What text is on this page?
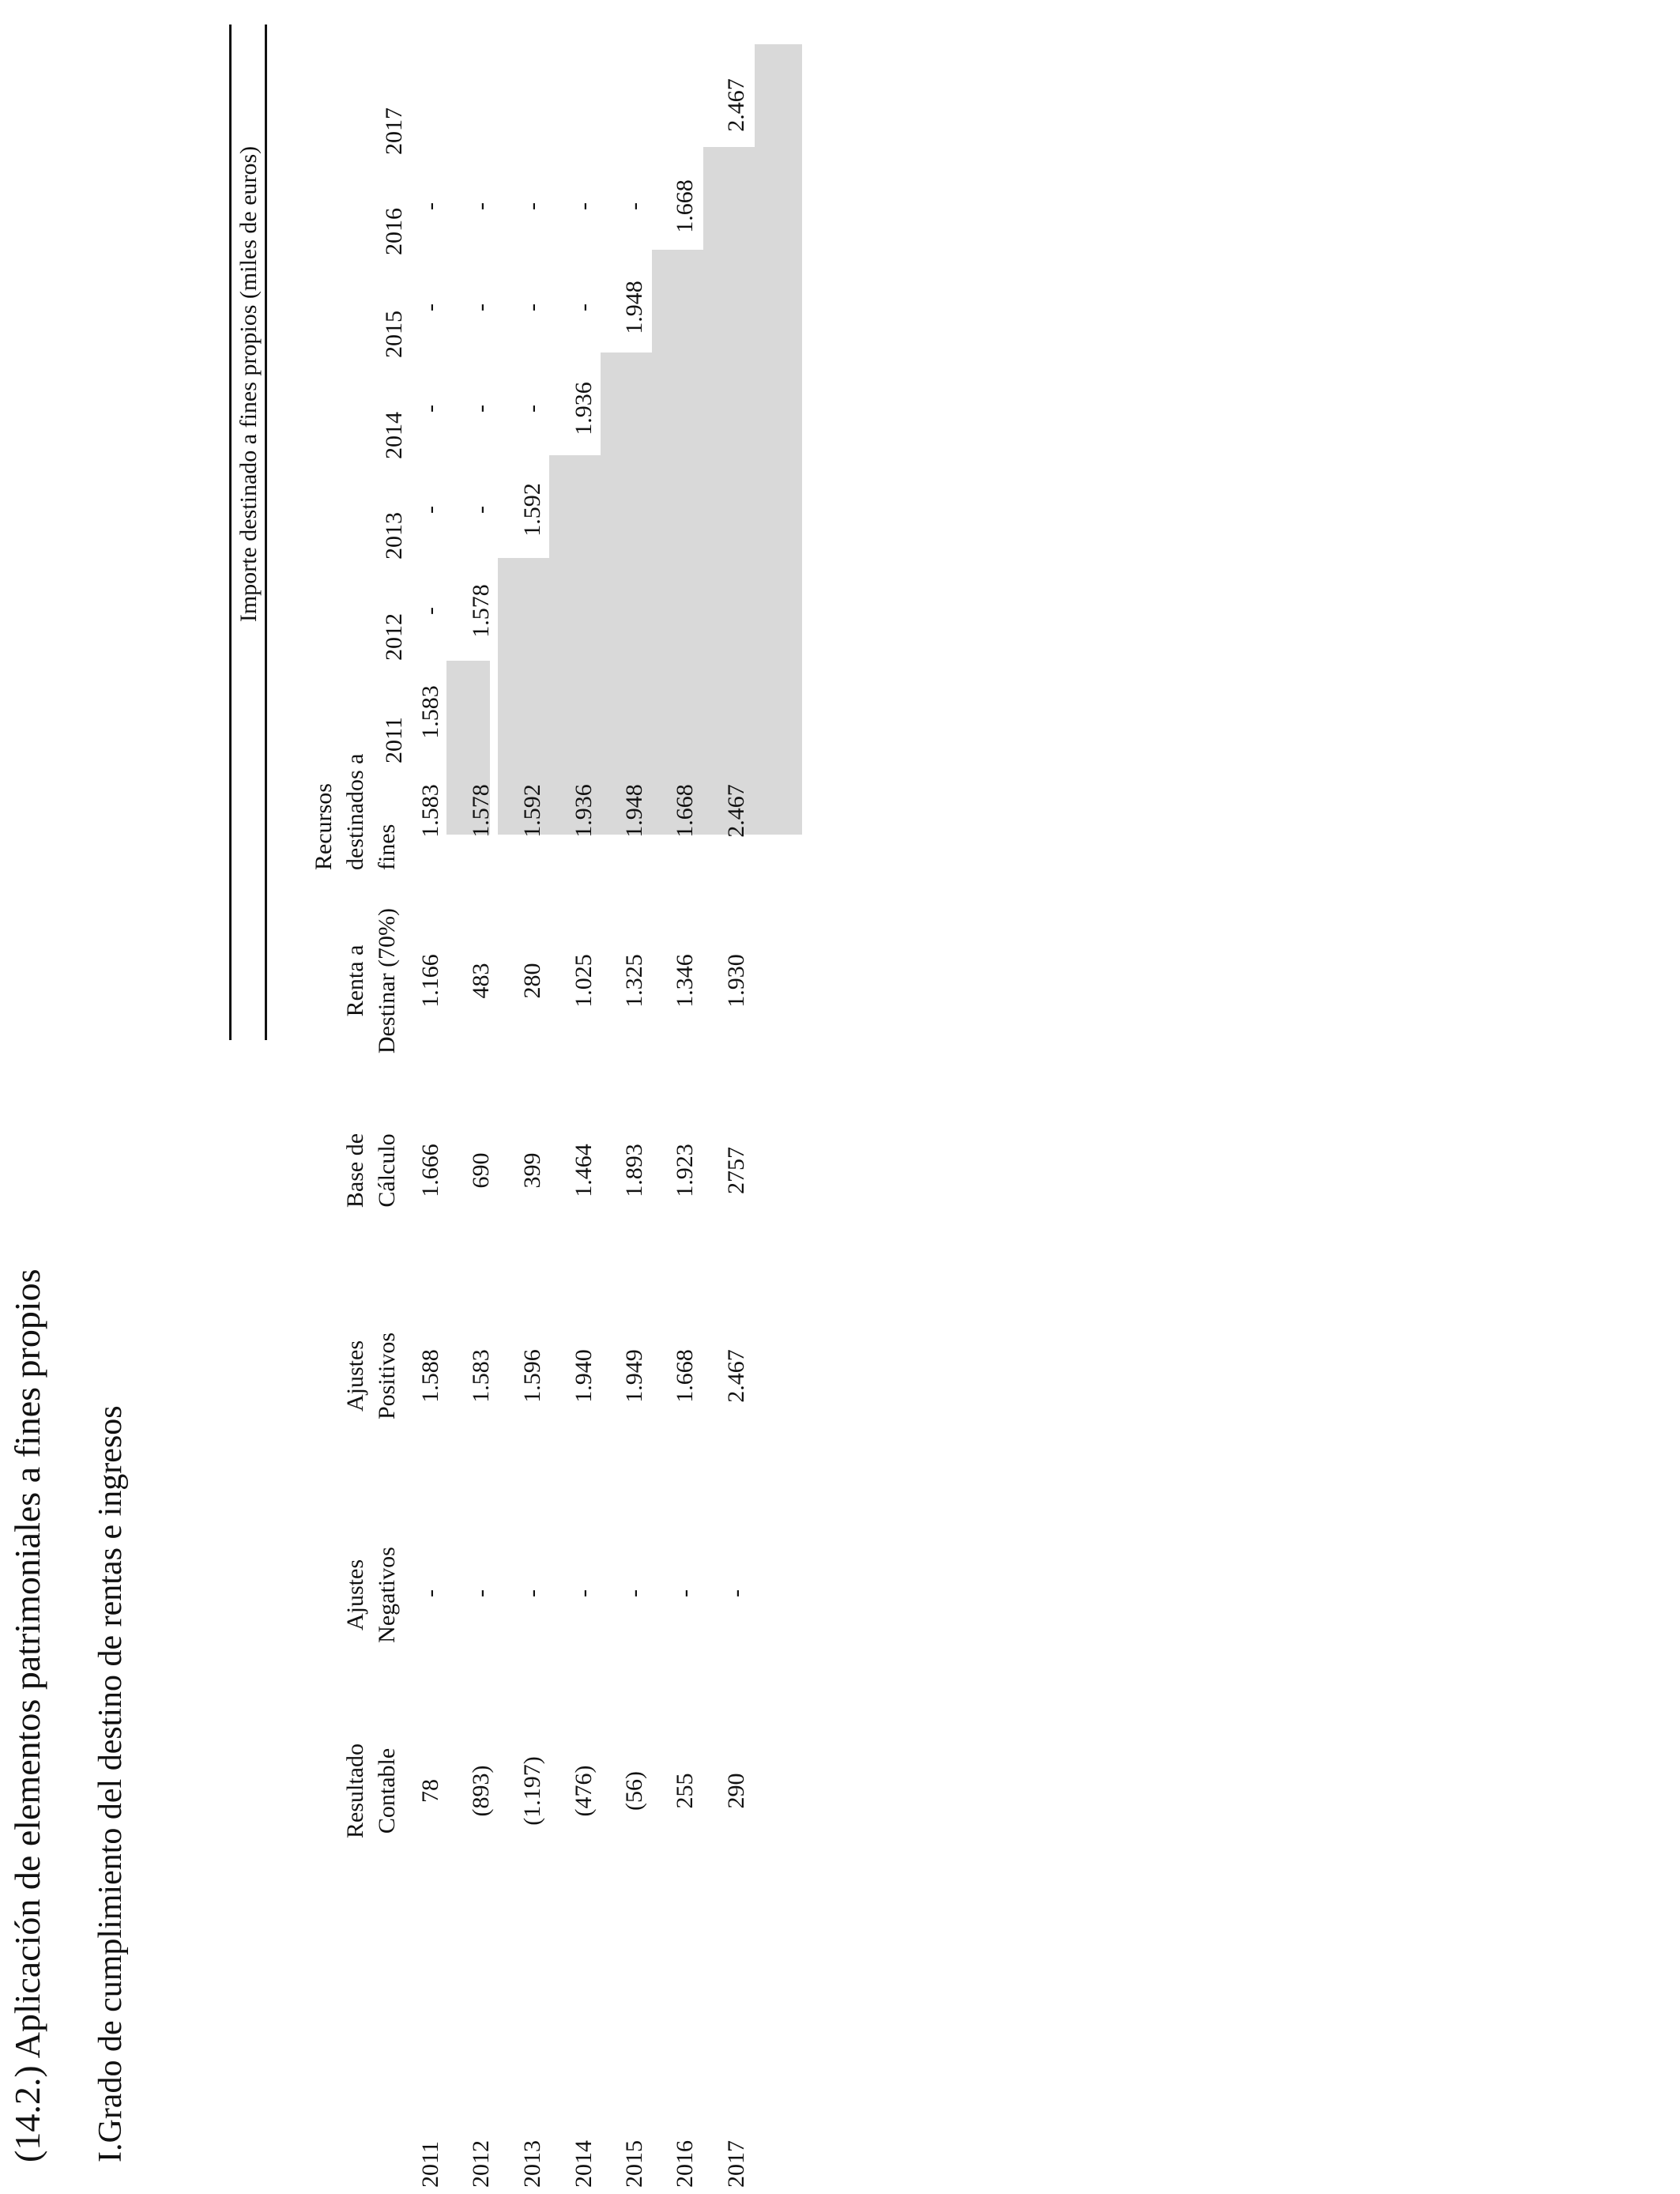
(14.2.) Aplicación de elementos patrimoniales a fines propios I.Grado de cumplimiento del destino de rentas e ingresos
Importe destinado a fines propios (miles de euros)
Resultado Contable
Ajustes Negativos
Ajustes Positivos
Base de Cálculo
Renta a Destinar (70%)
Recursos destinados a fines
2011
2012
2013
2014
2015
2016
2017
2011
78
-
1.588
1.666
1.166
1.583
1.583
-
-
-
-
-
2012
(893)
-
1.583
690
483
1.578
1.578
-
-
-
-
2013
(1.197)
-
1.596
399
280
1.592
1.592
-
-
-
2014
(476)
-
1.940
1.464
1.025
1.936
1.936
-
-
2015
(56)
-
1.949
1.893
1.325
1.948
1.948
-
2016
255
-
1.668
1.923
1.346
1.668
1.668
2017
290
-
2.467
2757
1.930
2.467
2.467
